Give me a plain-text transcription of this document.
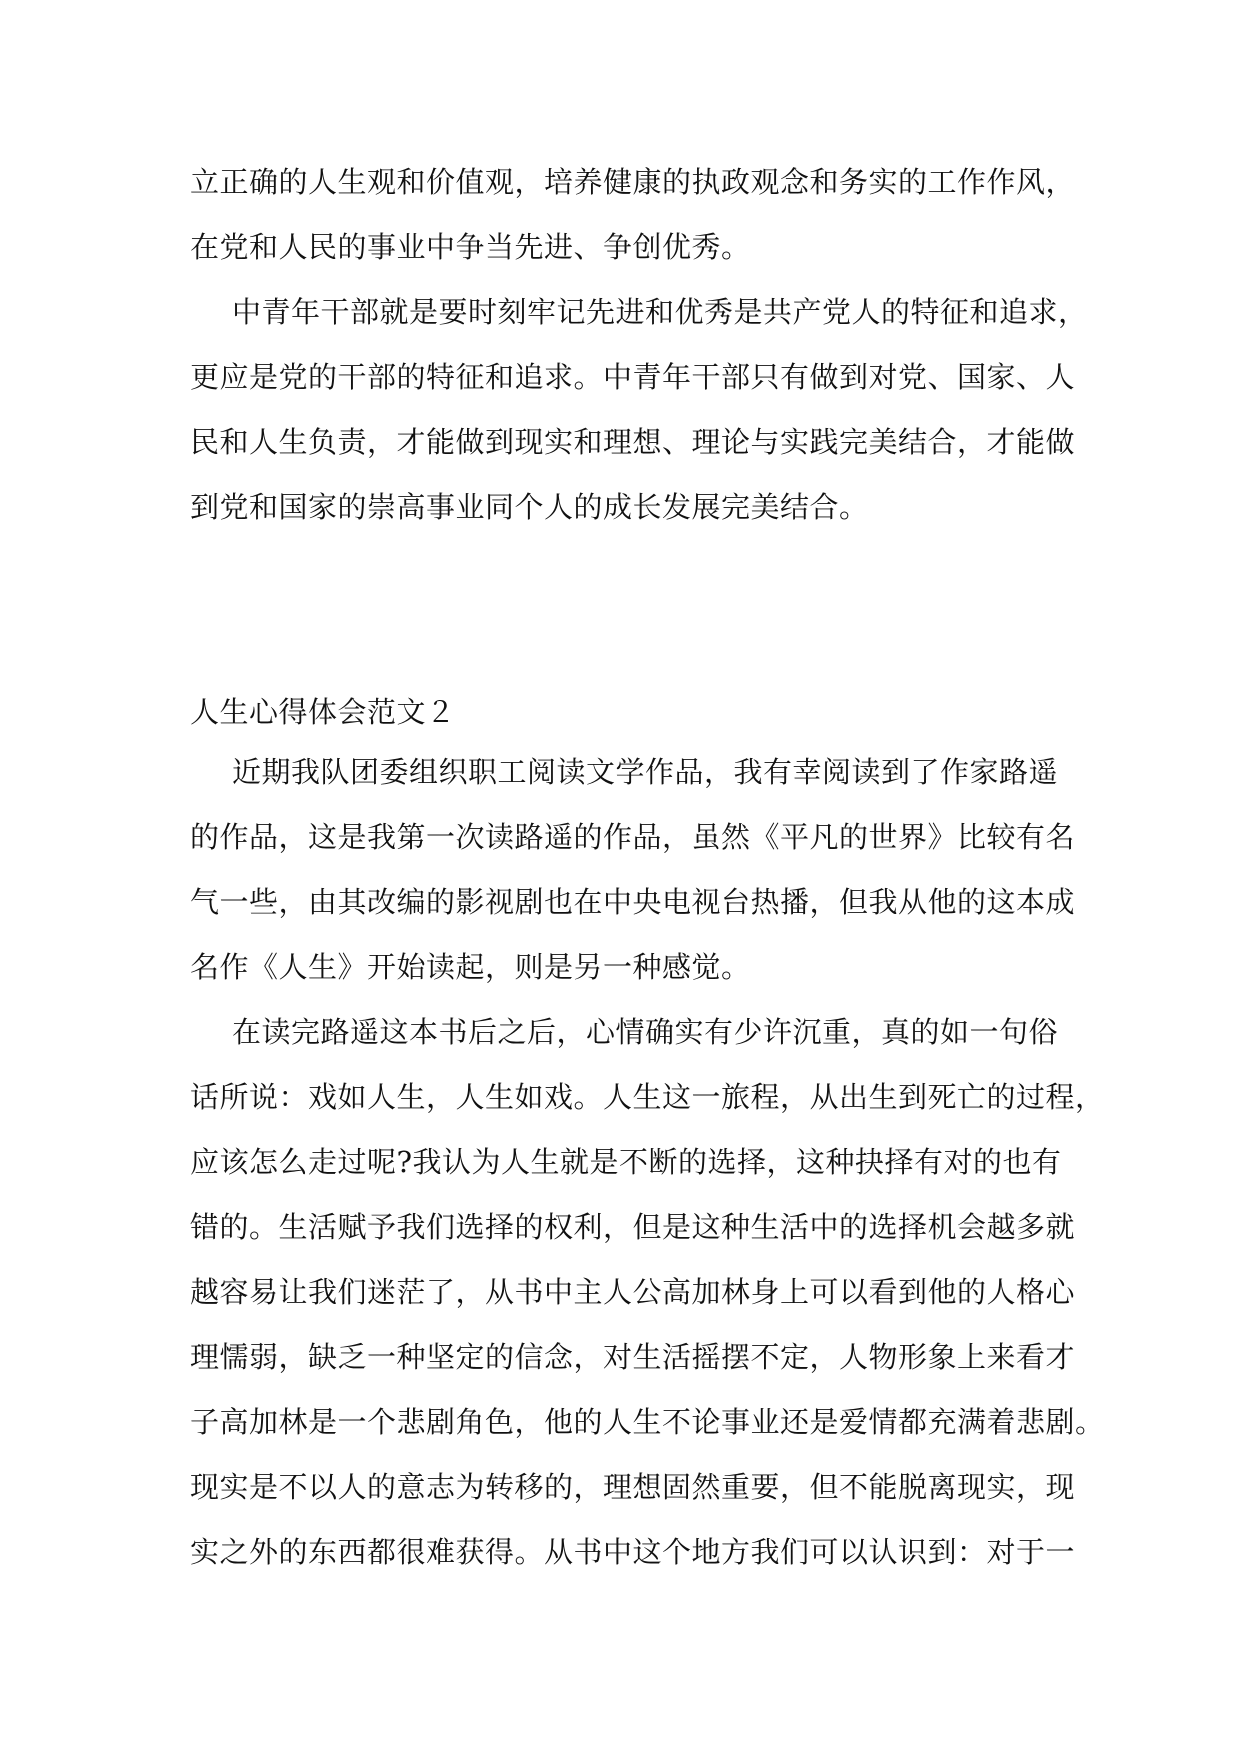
立正确的人生观和价值观，培养健康的执政观念和务实的工作作风，
在党和人民的事业中争当先进、争创优秀。
中青年干部就是要时刻牢记先进和优秀是共产党人的特征和追求，
更应是党的干部的特征和追求。中青年干部只有做到对党、国家、人
民和人生负责，才能做到现实和理想、理论与实践完美结合，才能做
到党和国家的崇高事业同个人的成长发展完美结合。
人生心得体会范文２
近期我队团委组织职工阅读文学作品，我有幸阅读到了作家路遥
的作品，这是我第一次读路遥的作品，虽然《平凡的世界》比较有名
气一些，由其改编的影视剧也在中央电视台热播，但我从他的这本成
名作《人生》开始读起，则是另一种感觉。
在读完路遥这本书后之后，心情确实有少许沉重，真的如一句俗
话所说：戏如人生，人生如戏。人生这一旅程，从出生到死亡的过程，
应该怎么走过呢?我认为人生就是不断的选择，这种抉择有对的也有
错的。生活赋予我们选择的权利，但是这种生活中的选择机会越多就
越容易让我们迷茫了，从书中主人公高加林身上可以看到他的人格心
理懦弱，缺乏一种坚定的信念，对生活摇摆不定，人物形象上来看才
子高加林是一个悲剧角色，他的人生不论事业还是爱情都充满着悲剧。
现实是不以人的意志为转移的，理想固然重要，但不能脱离现实，现
实之外的东西都很难获得。从书中这个地方我们可以认识到：对于一
